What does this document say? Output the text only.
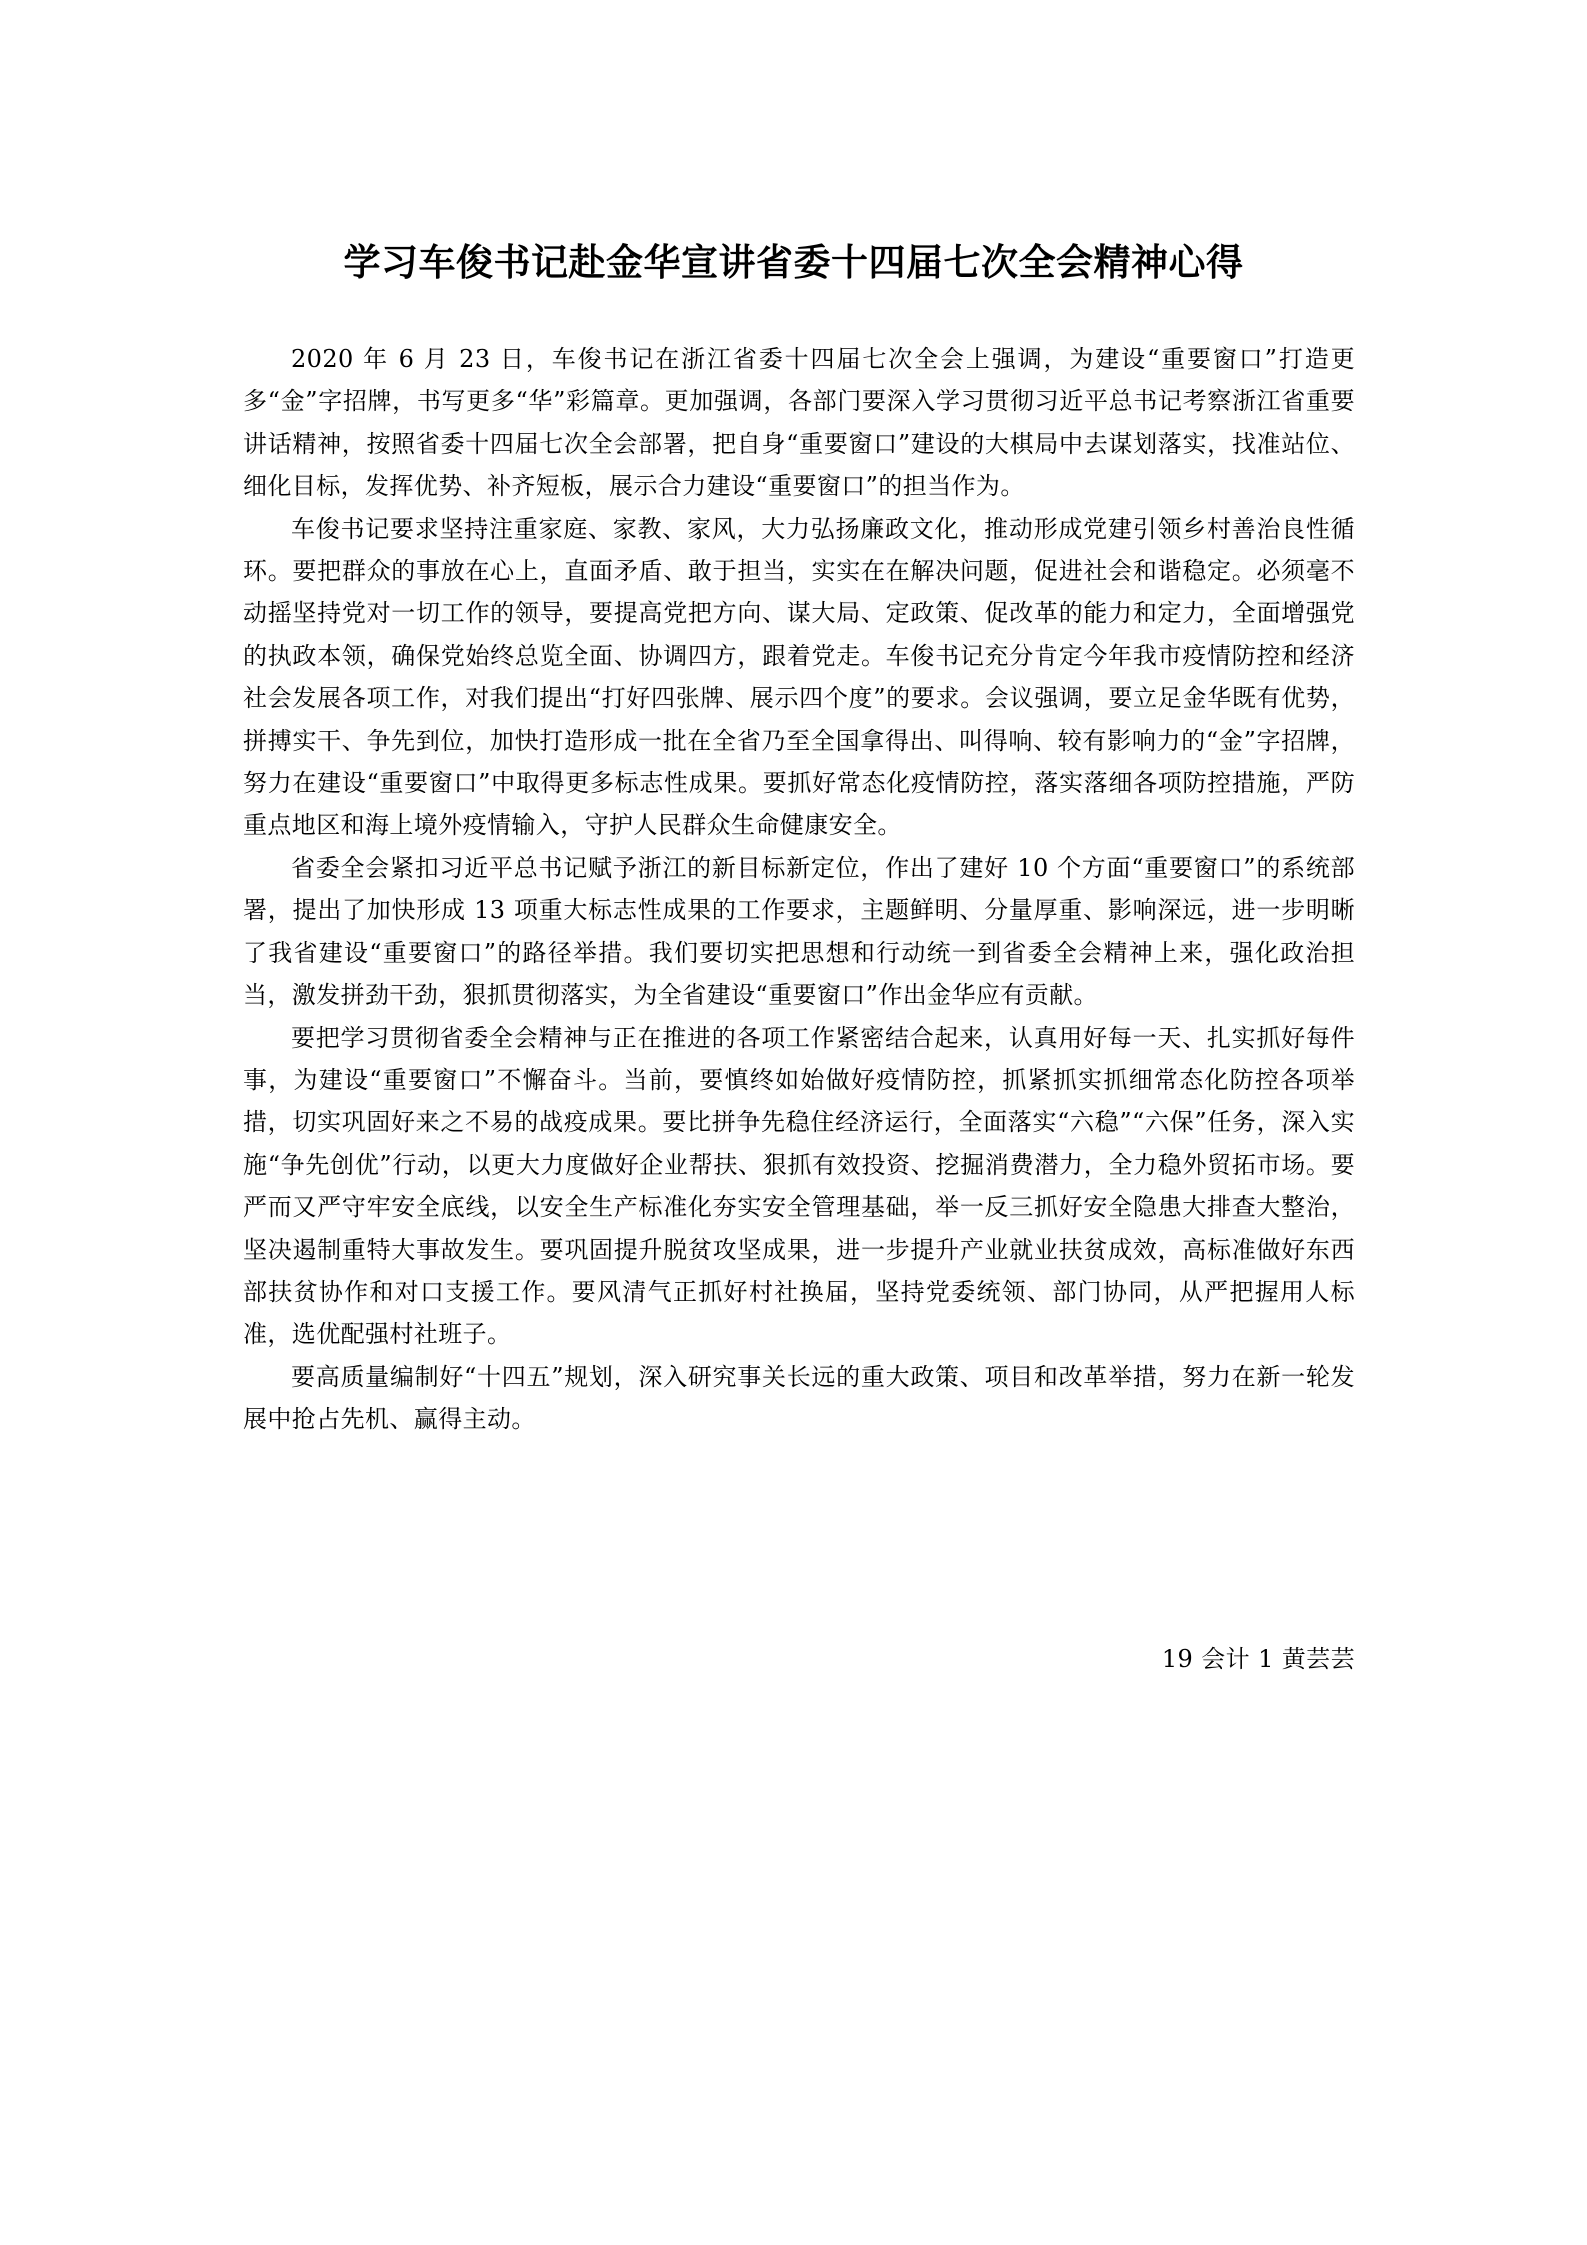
学习车俊书记赴金华宣讲省委十四届七次全会精神心得

2020 年 6 月 23 日，车俊书记在浙江省委十四届七次全会上强调，为建设“重要窗口”打造更多“金”字招牌，书写更多“华”彩篇章。更加强调，各部门要深入学习贯彻习近平总书记考察浙江省重要讲话精神，按照省委十四届七次全会部署，把自身“重要窗口”建设的大棋局中去谋划落实，找准站位、细化目标，发挥优势、补齐短板，展示合力建设“重要窗口”的担当作为。

车俊书记要求坚持注重家庭、家教、家风，大力弘扬廉政文化，推动形成党建引领乡村善治良性循环。要把群众的事放在心上，直面矛盾、敢于担当，实实在在解决问题，促进社会和谐稳定。必须毫不动摇坚持党对一切工作的领导，要提高党把方向、谋大局、定政策、促改革的能力和定力，全面增强党的执政本领，确保党始终总览全面、协调四方，跟着党走。车俊书记充分肯定今年我市疫情防控和经济社会发展各项工作，对我们提出“打好四张牌、展示四个度”的要求。会议强调，要立足金华既有优势，拼搏实干、争先到位，加快打造形成一批在全省乃至全国拿得出、叫得响、较有影响力的“金”字招牌，努力在建设“重要窗口”中取得更多标志性成果。要抓好常态化疫情防控，落实落细各项防控措施，严防重点地区和海上境外疫情输入，守护人民群众生命健康安全。

省委全会紧扣习近平总书记赋予浙江的新目标新定位，作出了建好 10 个方面“重要窗口”的系统部署，提出了加快形成 13 项重大标志性成果的工作要求，主题鲜明、分量厚重、影响深远，进一步明晰了我省建设“重要窗口”的路径举措。我们要切实把思想和行动统一到省委全会精神上来，强化政治担当，激发拼劲干劲，狠抓贯彻落实，为全省建设“重要窗口”作出金华应有贡献。

要把学习贯彻省委全会精神与正在推进的各项工作紧密结合起来，认真用好每一天、扎实抓好每件事，为建设“重要窗口”不懈奋斗。当前，要慎终如始做好疫情防控，抓紧抓实抓细常态化防控各项举措，切实巩固好来之不易的战疫成果。要比拼争先稳住经济运行，全面落实“六稳”“六保”任务，深入实施“争先创优”行动，以更大力度做好企业帮扶、狠抓有效投资、挖掘消费潜力，全力稳外贸拓市场。要严而又严守牢安全底线，以安全生产标准化夯实安全管理基础，举一反三抓好安全隐患大排查大整治，坚决遏制重特大事故发生。要巩固提升脱贫攻坚成果，进一步提升产业就业扶贫成效，高标准做好东西部扶贫协作和对口支援工作。要风清气正抓好村社换届，坚持党委统领、部门协同，从严把握用人标准，选优配强村社班子。

要高质量编制好“十四五”规划，深入研究事关长远的重大政策、项目和改革举措，努力在新一轮发展中抢占先机、赢得主动。

19 会计 1 黄芸芸
